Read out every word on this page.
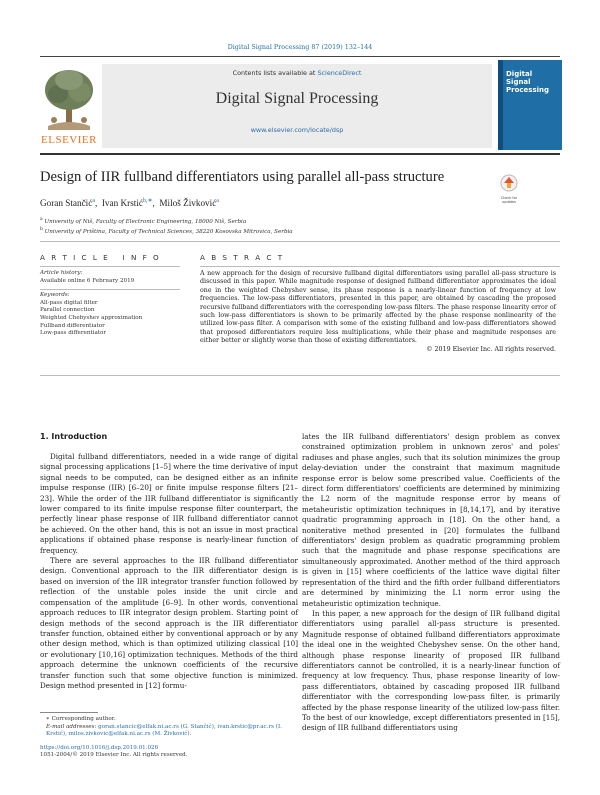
Digital Signal Processing 87 (2019) 132–144
ELSEVIER
Contents lists available at ScienceDirect
Digital Signal Processing
www.elsevier.com/locate/dsp
Digital Signal Processing
Design of IIR fullband differentiators using parallel all-pass structure
Check for updates
Goran Stančić$^a$,  Ivan Krstić$^{b,∗}$,  Miloš Živković$^a$
$^a$ University of Niš, Faculty of Electronic Engineering, 18000 Niš, Serbia
$^b$ University of Priština, Faculty of Technical Sciences, 38220 Kosovska Mitrovica, Serbia
A R T I C L E   I N F O
Article history:
Available online 6 February 2019
Keywords:
All-pass digital filter
Parallel connection
Weighted Chebyshev approximation
Fullband differentiator
Low-pass differentiator
A B S T R A C T
A new approach for the design of recursive fullband digital differentiators using parallel all-pass structure is discussed in this paper. While magnitude response of designed fullband differentiator approximates the ideal one in the weighted Chebyshev sense, its phase response is a nearly-linear function of frequency at low frequencies. The low-pass differentiators, presented in this paper, are obtained by cascading the proposed recursive fullband differentiators with the corresponding low-pass filters. The phase response linearity error of such low-pass differentiators is shown to be primarily affected by the phase response nonlinearity of the utilized low-pass filter. A comparison with some of the existing fullband and low-pass differentiators showed that proposed differentiators require less multiplications, while their phase and magnitude responses are either better or slightly worse than those of existing differentiators.
© 2019 Elsevier Inc. All rights reserved.
1. Introduction

Digital fullband differentiators, needed in a wide range of digital signal processing applications [1–5] where the time derivative of input signal needs to be computed, can be designed either as an infinite impulse response (IIR) [6–20] or finite impulse response filters [21–23]. While the order of the IIR fullband differentiator is significantly lower compared to its finite impulse response filter counterpart, the perfectly linear phase response of IIR fullband differentiator cannot be achieved. On the other hand, this is not an issue in most practical applications if obtained phase response is nearly-linear function of frequency.

There are several approaches to the IIR fullband differentiator design. Conventional approach to the IIR differentiator design is based on inversion of the IIR integrator transfer function followed by reflection of the unstable poles inside the unit circle and compensation of the amplitude [6–9]. In other words, conventional approach reduces to IIR integrator design problem. Starting point of design methods of the second approach is the IIR differentiator transfer function, obtained either by conventional approach or by any other design method, which is than optimized utilizing classical [10] or evolutionary [10,16] optimization techniques. Methods of the third approach determine the unknown coefficients of the recursive transfer function such that some objective function is minimized. Design method presented in [12] formu-

lates the IIR fullband differentiators' design problem as convex constrained optimization problem in unknown zeros' and poles' radiuses and phase angles, such that its solution minimizes the group delay-deviation under the constraint that maximum magnitude response error is below some prescribed value. Coefficients of the direct form differentiators' coefficients are determined by minimizing the L2 norm of the magnitude response error by means of metaheuristic optimization techniques in [8,14,17], and by iterative quadratic programming approach in [18]. On the other hand, a noniterative method presented in [20] formulates the fullband differentiators' design problem as quadratic programming problem such that the magnitude and phase response specifications are simultaneously approximated. Another method of the third approach is given in [15] where coefficients of the lattice wave digital filter representation of the third and the fifth order fullband differentiators are determined by minimizing the L1 norm error using the metaheuristic optimization technique.

In this paper, a new approach for the design of IIR fullband digital differentiators using parallel all-pass structure is presented. Magnitude response of obtained fullband differentiators approximate the ideal one in the weighted Chebyshev sense. On the other hand, although phase response linearity of proposed IIR fullband differentiators cannot be controlled, it is a nearly-linear function of frequency at low frequency. Thus, phase response linearity of low-pass differentiators, obtained by cascading proposed IIR fullband differentiator with the corresponding low-pass filter, is primarily affected by the phase response linearity of the utilized low-pass filter. To the best of our knowledge, except differentiators presented in [15], design of IIR fullband differentiators using

∗ Corresponding author.
E-mail addresses: goran.stancic@elfak.ni.ac.rs (G. Stančić), ivan.krstic@pr.ac.rs (I. Krstić), milos.zivkovic@elfak.ni.ac.rs (M. Živković).
https://doi.org/10.1016/j.dsp.2019.01.026
1051-2004/© 2019 Elsevier Inc. All rights reserved.
